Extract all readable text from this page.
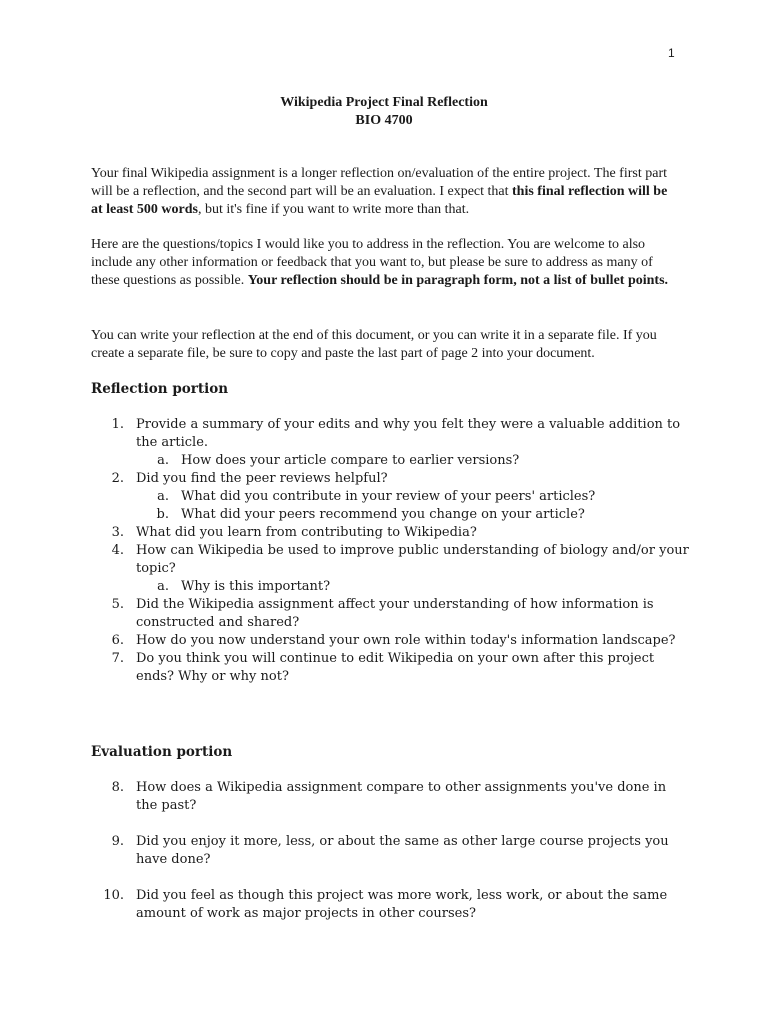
1
Wikipedia Project Final Reflection
BIO 4700

Your final Wikipedia assignment is a longer reflection on/evaluation of the entire project. The first part will be a reflection, and the second part will be an evaluation. I expect that this final reflection will be at least 500 words, but it's fine if you want to write more than that.

Here are the questions/topics I would like you to address in the reflection. You are welcome to also include any other information or feedback that you want to, but please be sure to address as many of these questions as possible. Your reflection should be in paragraph form, not a list of bullet points.

You can write your reflection at the end of this document, or you can write it in a separate file. If you create a separate file, be sure to copy and paste the last part of page 2 into your document.

Reflection portion
1. Provide a summary of your edits and why you felt they were a valuable addition to the article.
a. How does your article compare to earlier versions?
2. Did you find the peer reviews helpful?
a. What did you contribute in your review of your peers' articles?
b. What did your peers recommend you change on your article?
3. What did you learn from contributing to Wikipedia?
4. How can Wikipedia be used to improve public understanding of biology and/or your topic?
a. Why is this important?
5. Did the Wikipedia assignment affect your understanding of how information is constructed and shared?
6. How do you now understand your own role within today's information landscape?
7. Do you think you will continue to edit Wikipedia on your own after this project ends? Why or why not?
Evaluation portion
8. How does a Wikipedia assignment compare to other assignments you've done in the past?
9. Did you enjoy it more, less, or about the same as other large course projects you have done?
10. Did you feel as though this project was more work, less work, or about the same amount of work as major projects in other courses?
